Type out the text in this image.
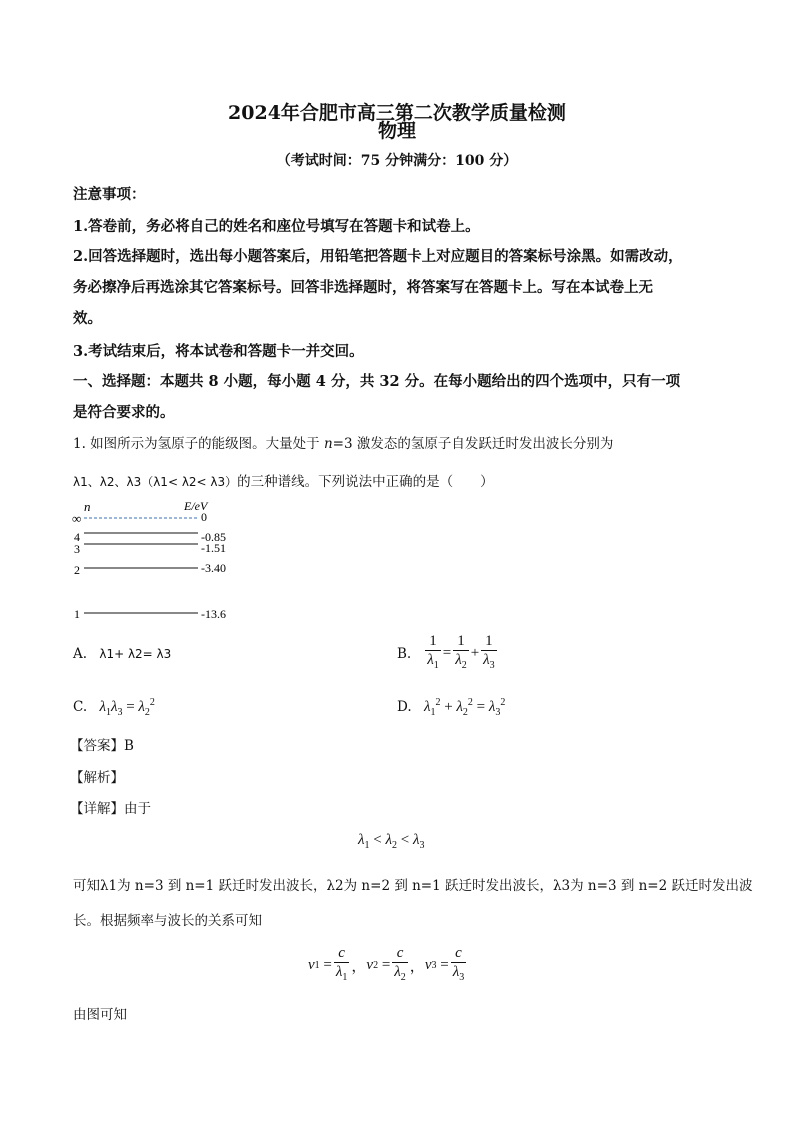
2024年合肥市高三第二次教学质量检测
物理
（考试时间：75 分钟满分：100 分）
注意事项：
1.答卷前，务必将自己的姓名和座位号填写在答题卡和试卷上。
2.回答选择题时，选出每小题答案后，用铅笔把答题卡上对应题目的答案标号涂黑。如需改动，
务必擦净后再选涂其它答案标号。回答非选择题时，将答案写在答题卡上。写在本试卷上无
效。
3.考试结束后，将本试卷和答题卡一并交回。
一、选择题：本题共 8 小题，每小题 4 分，共 32 分。在每小题给出的四个选项中，只有一项
是符合要求的。
1. 如图所示为氢原子的能级图。大量处于 n=3 激发态的氢原子自发跃迁时发出波长分别为
λ1、λ2、λ3（λ1< λ2< λ3）的三种谱线。下列说法中正确的是（　　）
n	E/eV
∞	0
4	-0.85
3	-1.51
2	-3.40
1	-13.6
A. λ1+ λ2= λ3	B. $\frac{1}{\lambda_1} = \frac{1}{\lambda_2} + \frac{1}{\lambda_3}$
C. $\lambda_1\lambda_3 = \lambda_2^2$	D. $\lambda_1^2 + \lambda_2^2 = \lambda_3^2$
【答案】B
【解析】
【详解】由于
$\lambda_1 < \lambda_2 < \lambda_3$
可知λ1为 n=3 到 n=1 跃迁时发出波长，λ2为 n=2 到 n=1 跃迁时发出波长，λ3为 n=3 到 n=2 跃迁时发出波
长。根据频率与波长的关系可知
ν $1 = \frac{c}{\lambda_1}$ ， ν $2 = \frac{c}{\lambda_2}$ ， ν $3 = \frac{c}{\lambda_3}$
由图可知
